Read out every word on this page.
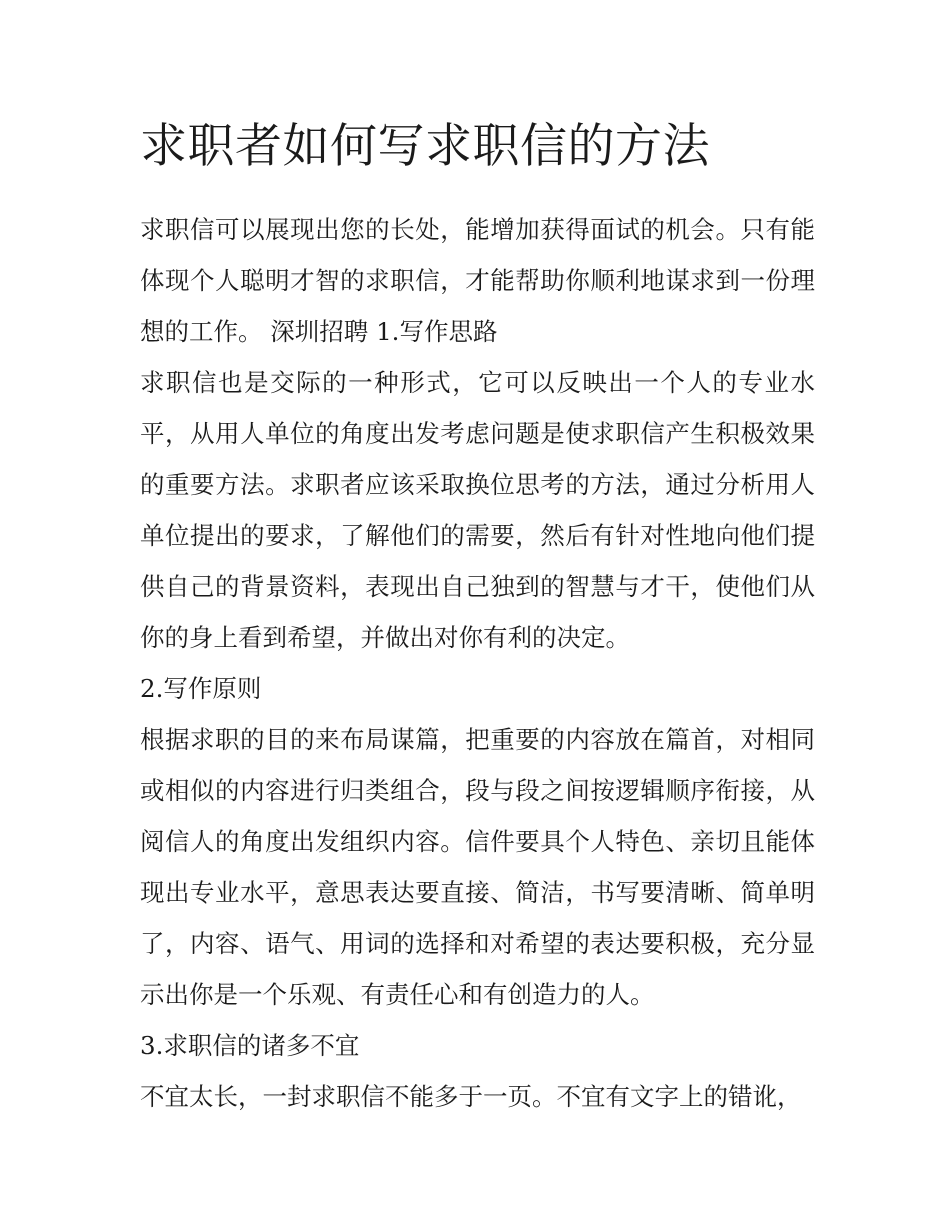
求职者如何写求职信的方法

求职信可以展现出您的长处，能增加获得面试的机会。只有能体现个人聪明才智的求职信，才能帮助你顺利地谋求到一份理想的工作。 深圳招聘 1.写作思路

求职信也是交际的一种形式，它可以反映出一个人的专业水平，从用人单位的角度出发考虑问题是使求职信产生积极效果的重要方法。求职者应该采取换位思考的方法，通过分析用人单位提出的要求，了解他们的需要，然后有针对性地向他们提供自己的背景资料，表现出自己独到的智慧与才干，使他们从你的身上看到希望，并做出对你有利的决定。

2.写作原则

根据求职的目的来布局谋篇，把重要的内容放在篇首，对相同或相似的内容进行归类组合，段与段之间按逻辑顺序衔接，从阅信人的角度出发组织内容。信件要具个人特色、亲切且能体现出专业水平，意思表达要直接、简洁，书写要清晰、简单明了，内容、语气、用词的选择和对希望的表达要积极，充分显示出你是一个乐观、有责任心和有创造力的人。

3.求职信的诸多不宜

不宜太长，一封求职信不能多于一页。不宜有文字上的错讹，
